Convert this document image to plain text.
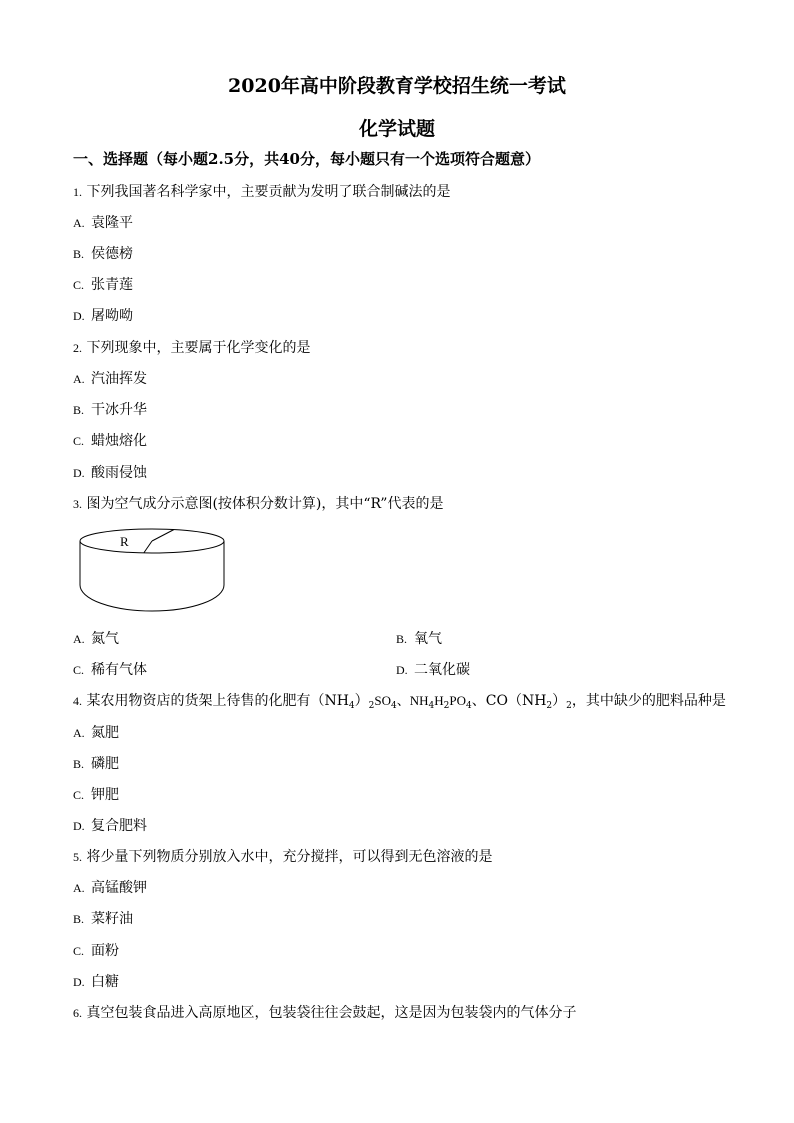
2020年高中阶段教育学校招生统一考试
化学试题
一、选择题（每小题2.5分，共40分，每小题只有一个选项符合题意）
1. 下列我国著名科学家中，主要贡献为发明了联合制碱法的是
A. 袁隆平
B. 侯德榜
C. 张青莲
D. 屠呦呦
2. 下列现象中，主要属于化学变化的是
A. 汽油挥发
B. 干冰升华
C. 蜡烛熔化
D. 酸雨侵蚀
3. 图为空气成分示意图(按体积分数计算)，其中“R”代表的是
R
A. 氮气	B. 氧气
C. 稀有气体	D. 二氧化碳
4. 某农用物资店的货架上待售的化肥有$(NH_4)_2SO_4$、$NH_4H_2PO_4$、$CO(NH_2)_2$，其中缺少的肥料品种是
A. 氮肥
B. 磷肥
C. 钾肥
D. 复合肥料
5. 将少量下列物质分别放入水中，充分搅拌，可以得到无色溶液的是
A. 高锰酸钾
B. 菜籽油
C. 面粉
D. 白糖
6. 真空包装食品进入高原地区，包装袋往往会鼓起，这是因为包装袋内的气体分子
